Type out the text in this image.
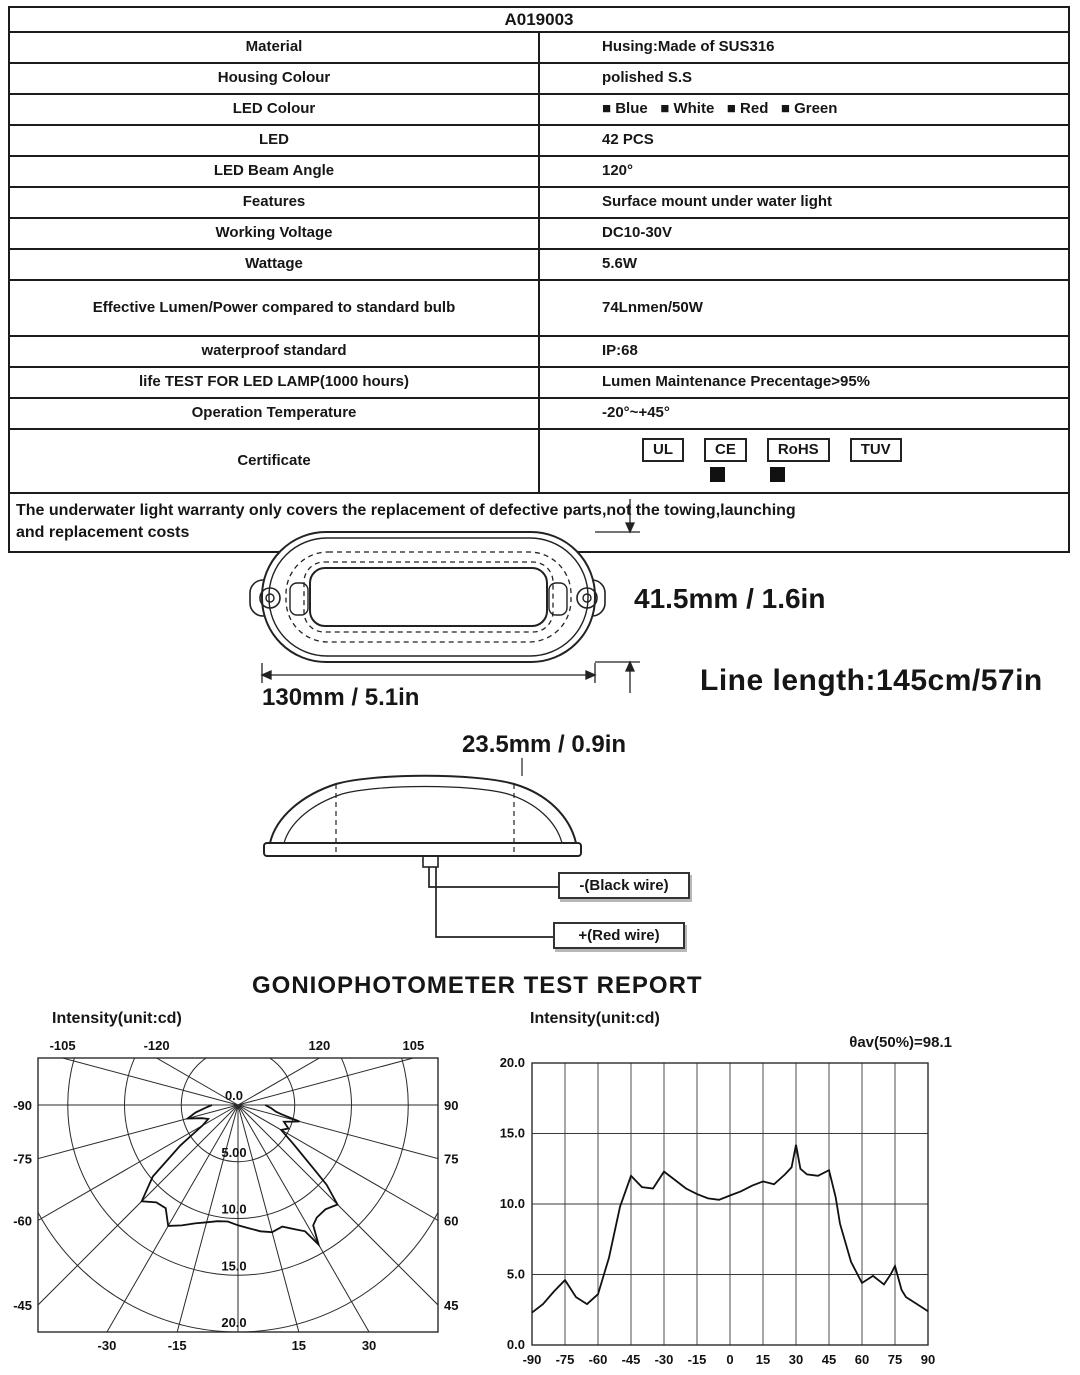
A019003	
Material	Husing:Made of SUS316
Housing Colour	polished S.S
LED Colour	■ Blue   ■ White   ■ Red   ■ Green
LED	42 PCS
LED Beam Angle	120°
Features	Surface mount under water light
Working Voltage	DC10-30V
Wattage	5.6W
Effective Lumen/Power compared to standard bulb	74Lnmen/50W
waterproof standard	IP:68
life TEST FOR LED LAMP(1000 hours)	Lumen Maintenance Precentage>95%
Operation Temperature	-20°~+45°
Certificate	UL CE RoHS TUV

The underwater light warranty only covers the replacement of defective parts,not the towing,launching
and replacement costs	
41.5mm / 1.6in
130mm / 5.1in
Line length:145cm/57in
23.5mm / 0.9in
-(Black wire)
+(Red wire)
GONIOPHOTOMETER TEST REPORT
Intensity(unit:cd)	Intensity(unit:cd)
θav(50%)=98.1
-120
-105
-90
-75
-60
-45
-30	-15	15	30
45
60
75
90
105
120
0.0
5.00
10.0
15.0
20.0
-90 -75 -60 -45 -30 -15 0 15 30 45 60 75 90
0.0
5.0
10.0
15.0
20.0
